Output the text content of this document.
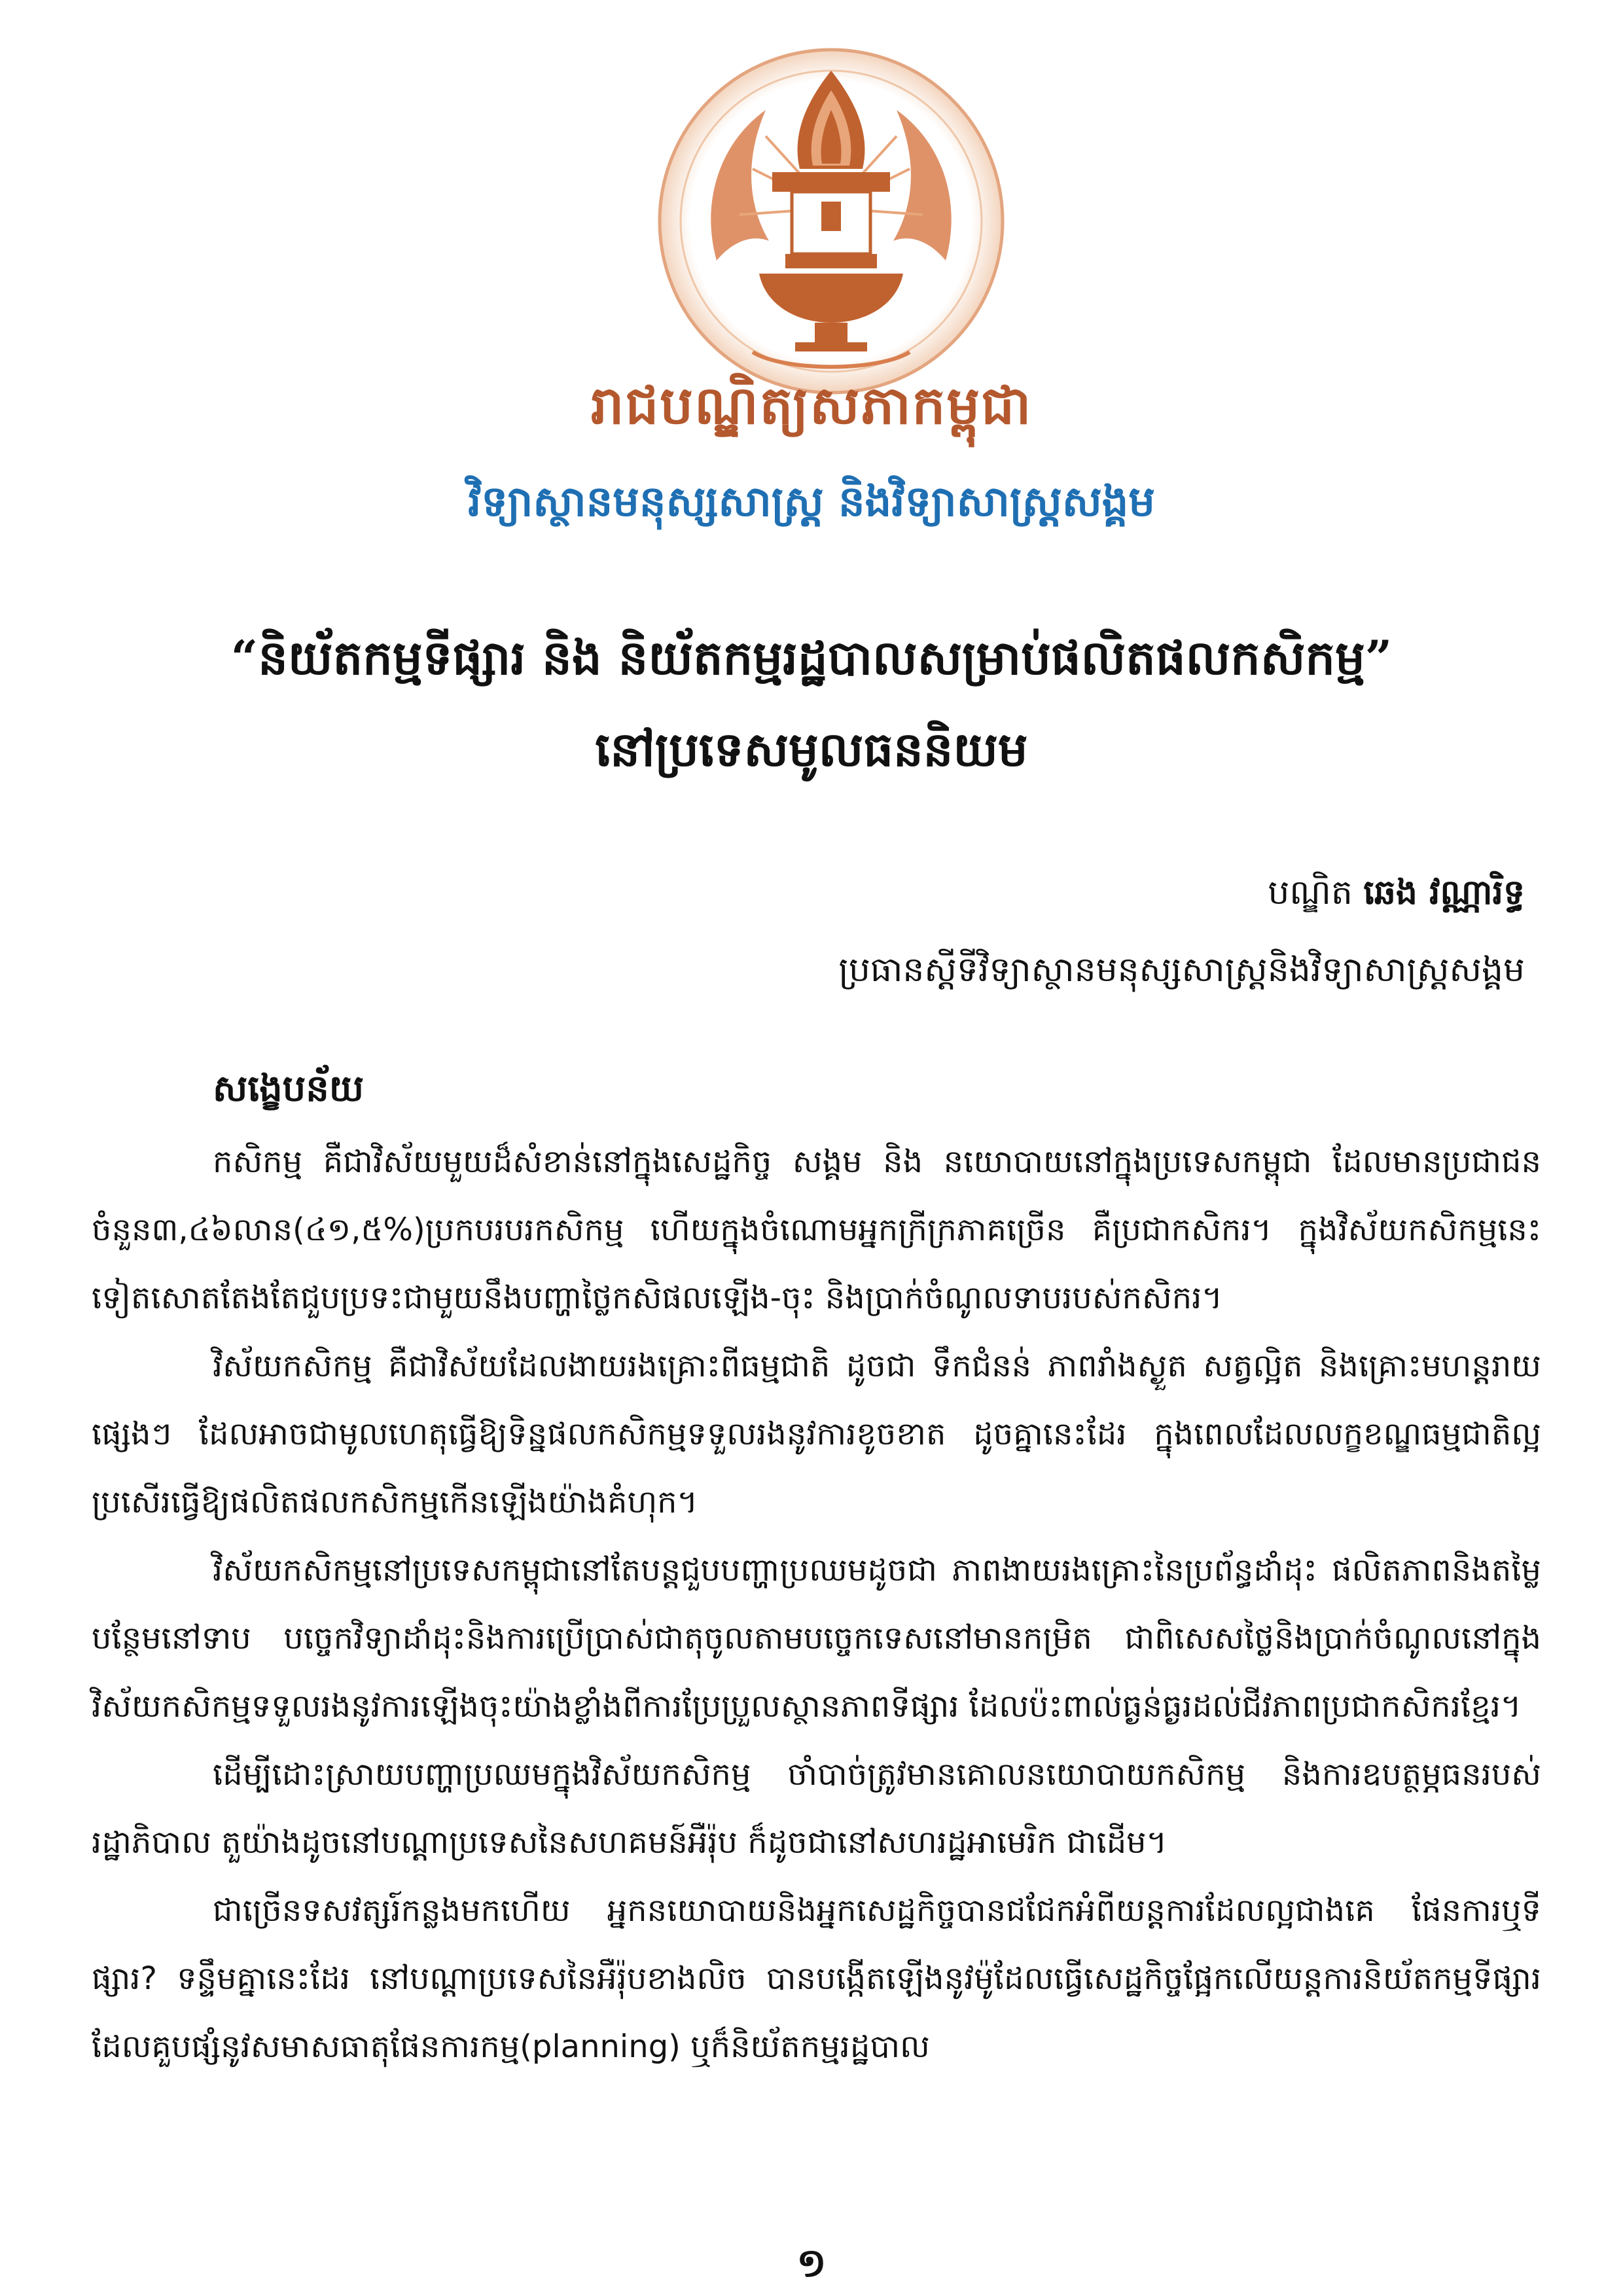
រាជបណ្ឌិត្យសភាកម្ពុជា
វិទ្យាស្ថានមនុស្សសាស្ត្រ និងវិទ្យាសាស្ត្រសង្គម
“និយ័តកម្មទីផ្សារ និង និយ័តកម្មរដ្ឋបាលសម្រាប់ផលិតផលកសិកម្ម”
នៅប្រទេសមូលធននិយម
បណ្ឌិត ឆេង វណ្ណារិទ្ធ
ប្រធានស្ដីទីវិទ្យាស្ថានមនុស្សសាស្ត្រនិងវិទ្យាសាស្ត្រសង្គម

សង្ខេបន័យ

កសិកម្ម គឺជាវិស័យមួយដ៏សំខាន់នៅក្នុងសេដ្ឋកិច្ច សង្គម និង នយោបាយនៅក្នុងប្រទេសកម្ពុជា ដែលមានប្រជាជនចំនួន៣,៤៦លាន(៤១,៥%)ប្រកបរបរកសិកម្ម ហើយក្នុងចំណោមអ្នកក្រីក្រភាគច្រើន គឺប្រជាកសិករ។ ក្នុងវិស័យកសិកម្មនេះទៀតសោតតែងតែជួបប្រទះជាមួយនឹងបញ្ហាថ្លៃកសិផលឡើង-ចុះ និងប្រាក់ចំណូលទាបរបស់កសិករ។

វិស័យកសិកម្ម គឺជាវិស័យដែលងាយរងគ្រោះពីធម្មជាតិ ដូចជា ទឹកជំនន់ ភាពរាំងស្ងួត សត្វល្អិត និងគ្រោះមហន្តរាយផ្សេងៗ ដែលអាចជាមូលហេតុធ្វើឱ្យទិន្នផលកសិកម្មទទួលរងនូវការខូចខាត ដូចគ្នានេះដែរ ក្នុងពេលដែលលក្ខខណ្ឌធម្មជាតិល្អប្រសើរធ្វើឱ្យផលិតផលកសិកម្មកើនឡើងយ៉ាងគំហុក។

វិស័យកសិកម្មនៅប្រទេសកម្ពុជានៅតែបន្តជួបបញ្ហាប្រឈមដូចជា ភាពងាយរងគ្រោះនៃប្រព័ន្ធដាំដុះ ផលិតភាពនិងតម្លៃបន្ថែមនៅទាប បច្ចេកវិទ្យាដាំដុះនិងការប្រើប្រាស់ជាតុចូលតាមបច្ចេកទេសនៅមានកម្រិត ជាពិសេសថ្លៃនិងប្រាក់ចំណូលនៅក្នុងវិស័យកសិកម្មទទួលរងនូវការឡើងចុះយ៉ាងខ្លាំងពីការប្រែប្រួលស្ថានភាពទីផ្សារ ដែលប៉ះពាល់ធ្ងន់ធ្ងរដល់ជីវភាពប្រជាកសិករខ្មែរ។

ដើម្បីដោះស្រាយបញ្ហាប្រឈមក្នុងវិស័យកសិកម្ម ចាំបាច់ត្រូវមានគោលនយោបាយកសិកម្ម និងការឧបត្ថម្ភធនរបស់រដ្ឋាភិបាល តួយ៉ាងដូចនៅបណ្ដាប្រទេសនៃសហគមន៍អឺរ៉ុប ក៏ដូចជានៅសហរដ្ឋអាមេរិក ជាដើម។

ជាច្រើនទសវត្សរ៍កន្លងមកហើយ អ្នកនយោបាយនិងអ្នកសេដ្ឋកិច្ចបានជជែកអំពីយន្តការដែលល្អជាងគេ ផែនការឬទីផ្សារ? ទន្ទឹមគ្នានេះដែរ នៅបណ្ដាប្រទេសនៃអឺរ៉ុបខាងលិច បានបង្កើតឡើងនូវម៉ូដែលធ្វើសេដ្ឋកិច្ចផ្អែកលើយន្តការនិយ័តកម្មទីផ្សារដែលគួបផ្សំនូវសមាសធាតុផែនការកម្ម(planning) ឬក៏និយ័តកម្មរដ្ឋបាល

១
